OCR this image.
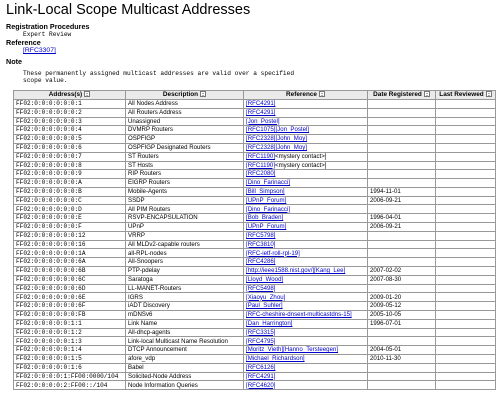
Link-Local Scope Multicast Addresses
Registration Procedures
Expert Review
Reference
[RFC3307]
Note
These permanently assigned multicast addresses are valid over a specified
scope value.
Address(s)	Description	Reference	Date Registered	Last Reviewed
FF02:0:0:0:0:0:0:1	All Nodes Address	[RFC4291]		
FF02:0:0:0:0:0:0:2	All Routers Address	[RFC4291]		
FF02:0:0:0:0:0:0:3	Unassigned	[Jon_Postel]		
FF02:0:0:0:0:0:0:4	DVMRP Routers	[RFC1075][Jon_Postel]		
FF02:0:0:0:0:0:0:5	OSPFIGP	[RFC2328][John_Moy]		
FF02:0:0:0:0:0:0:6	OSPFIGP Designated Routers	[RFC2328][John_Moy]		
FF02:0:0:0:0:0:0:7	ST Routers	[RFC1190]<mystery contact>]		
FF02:0:0:0:0:0:0:8	ST Hosts	[RFC1190]<mystery contact>]		
FF02:0:0:0:0:0:0:9	RIP Routers	[RFC2080]		
FF02:0:0:0:0:0:0:A	EIGRP Routers	[Dino_Farinacci]		
FF02:0:0:0:0:0:0:B	Mobile-Agents	[Bill_Simpson]	1994-11-01	
FF02:0:0:0:0:0:0:C	SSDP	[UPnP_Forum]	2006-09-21	
FF02:0:0:0:0:0:0:D	All PIM Routers	[Dino_Farinacci]		
FF02:0:0:0:0:0:0:E	RSVP-ENCAPSULATION	[Bob_Braden]	1996-04-01	
FF02:0:0:0:0:0:0:F	UPnP	[UPnP_Forum]	2006-09-21	
FF02:0:0:0:0:0:0:12	VRRP	[RFC5798]		
FF02:0:0:0:0:0:0:16	All MLDv2-capable routers	[RFC3810]		
FF02:0:0:0:0:0:0:1A	all-RPL-nodes	[RFC-ietf-roll-rpl-19]		
FF02:0:0:0:0:0:0:6A	All-Snoopers	[RFC4286]		
FF02:0:0:0:0:0:0:6B	PTP-pdelay	[http://ieee1588.nist.gov/][Kang_Lee]	2007-02-02	
FF02:0:0:0:0:0:0:6C	Saratoga	[Lloyd_Wood]	2007-08-30	
FF02:0:0:0:0:0:0:6D	LL-MANET-Routers	[RFC5498]		
FF02:0:0:0:0:0:0:6E	IGRS	[Xiaoyu_Zhou]	2009-01-20	
FF02:0:0:0:0:0:0:6F	iADT Discovery	[Paul_Suhler]	2009-05-12	
FF02:0:0:0:0:0:0:FB	mDNSv6	[RFC-cheshire-dnsext-multicastdns-15]	2005-10-05	
FF02:0:0:0:0:0:1:1	Link Name	[Dan_Harrington]	1996-07-01	
FF02:0:0:0:0:0:1:2	All-dhcp-agents	[RFC3315]		
FF02:0:0:0:0:0:1:3	Link-local Multicast Name Resolution	[RFC4795]		
FF02:0:0:0:0:0:1:4	DTCP Announcement	[Moritz_Vieth][Hanno_Tersteegen]	2004-05-01	
FF02:0:0:0:0:0:1:5	afore_vdp	[Michael_Richardson]	2010-11-30	
FF02:0:0:0:0:0:1:6	Babel	[RFC6126]		
FF02:0:0:0:0:1:FF00:0000/104	Solicited-Node Address	[RFC4291]		
FF02:0:0:0:0:2:FF00::/104	Node Information Queries	[RFC4620]		
